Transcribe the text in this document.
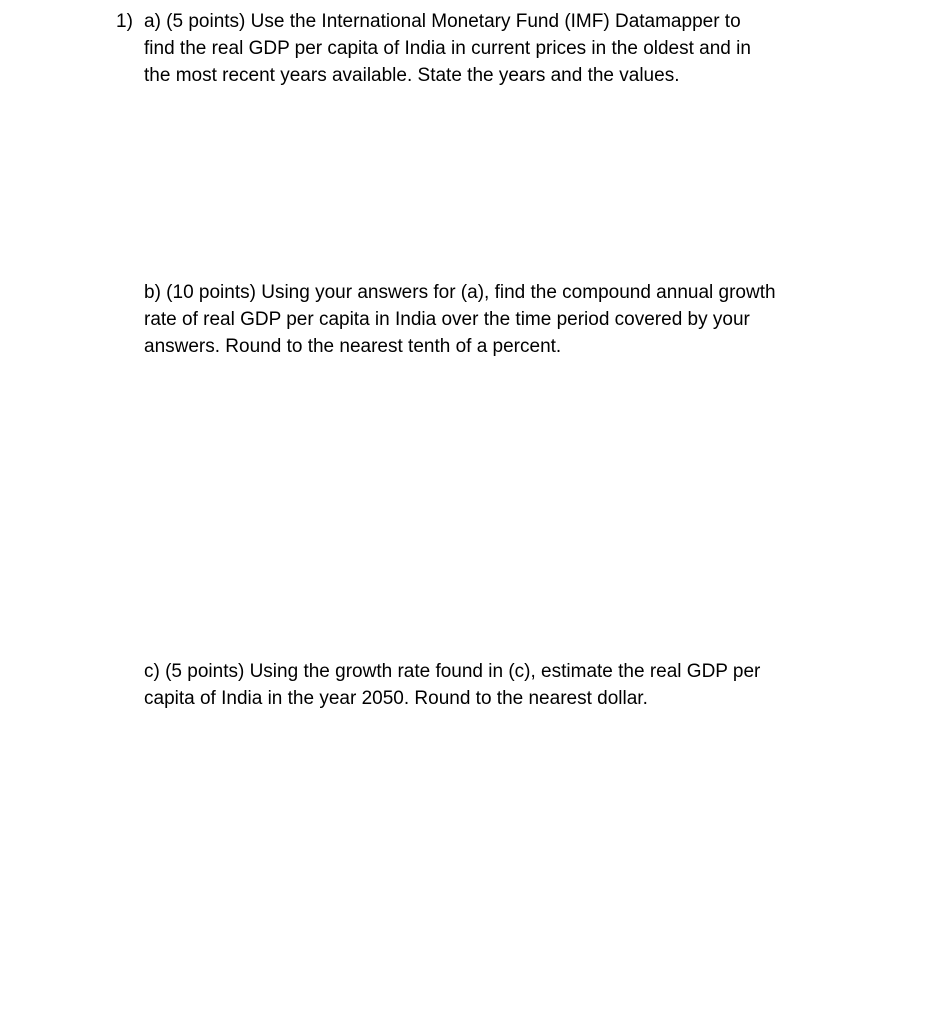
1) a) (5 points) Use the International Monetary Fund (IMF) Datamapper to
find the real GDP per capita of India in current prices in the oldest and in
the most recent years available. State the years and the values.
b) (10 points) Using your answers for (a), find the compound annual growth
rate of real GDP per capita in India over the time period covered by your
answers. Round to the nearest tenth of a percent.
c) (5 points) Using the growth rate found in (c), estimate the real GDP per
capita of India in the year 2050. Round to the nearest dollar.
